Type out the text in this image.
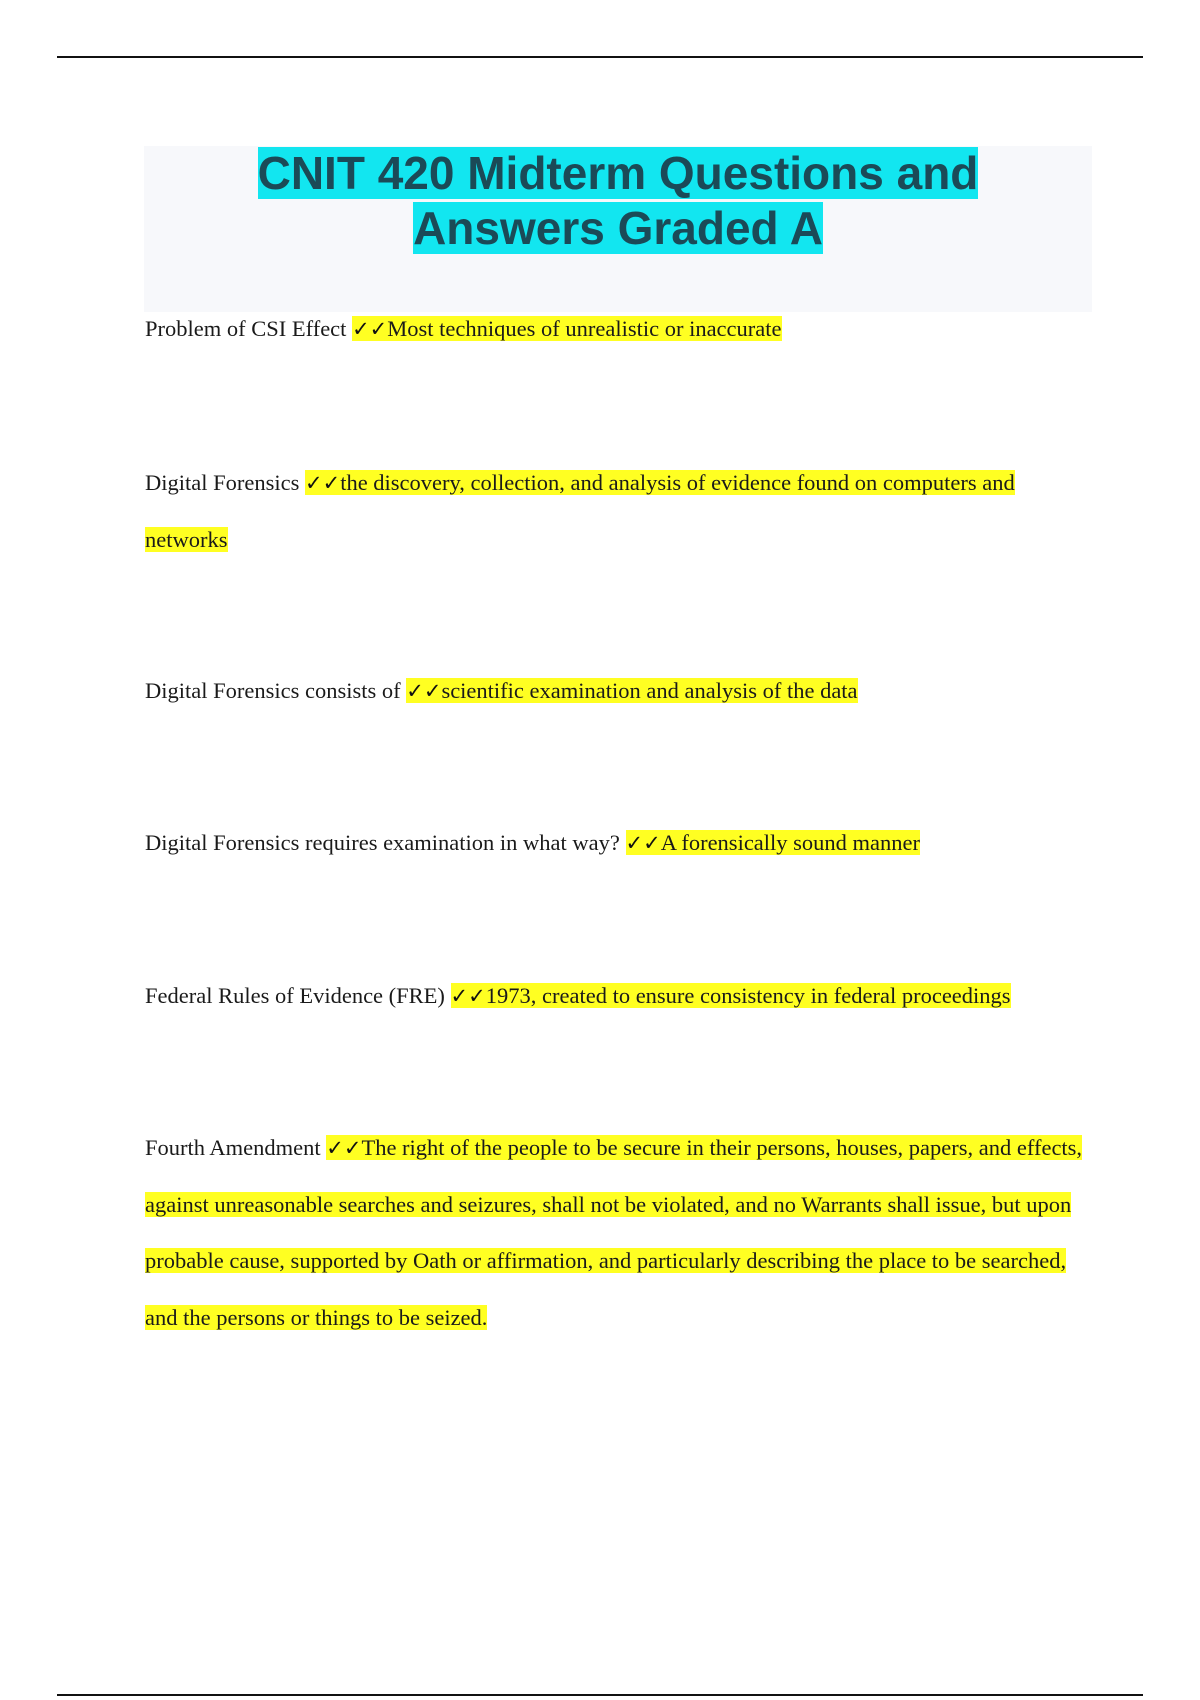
CNIT 420 Midterm Questions and
Answers Graded A

Problem of CSI Effect ✓✓Most techniques of unrealistic or inaccurate

Digital Forensics ✓✓the discovery, collection, and analysis of evidence found on computers and networks

Digital Forensics consists of ✓✓scientific examination and analysis of the data

Digital Forensics requires examination in what way? ✓✓A forensically sound manner

Federal Rules of Evidence (FRE) ✓✓1973, created to ensure consistency in federal proceedings

Fourth Amendment ✓✓The right of the people to be secure in their persons, houses, papers, and effects, against unreasonable searches and seizures, shall not be violated, and no Warrants shall issue, but upon probable cause, supported by Oath or affirmation, and particularly describing the place to be searched, and the persons or things to be seized.
